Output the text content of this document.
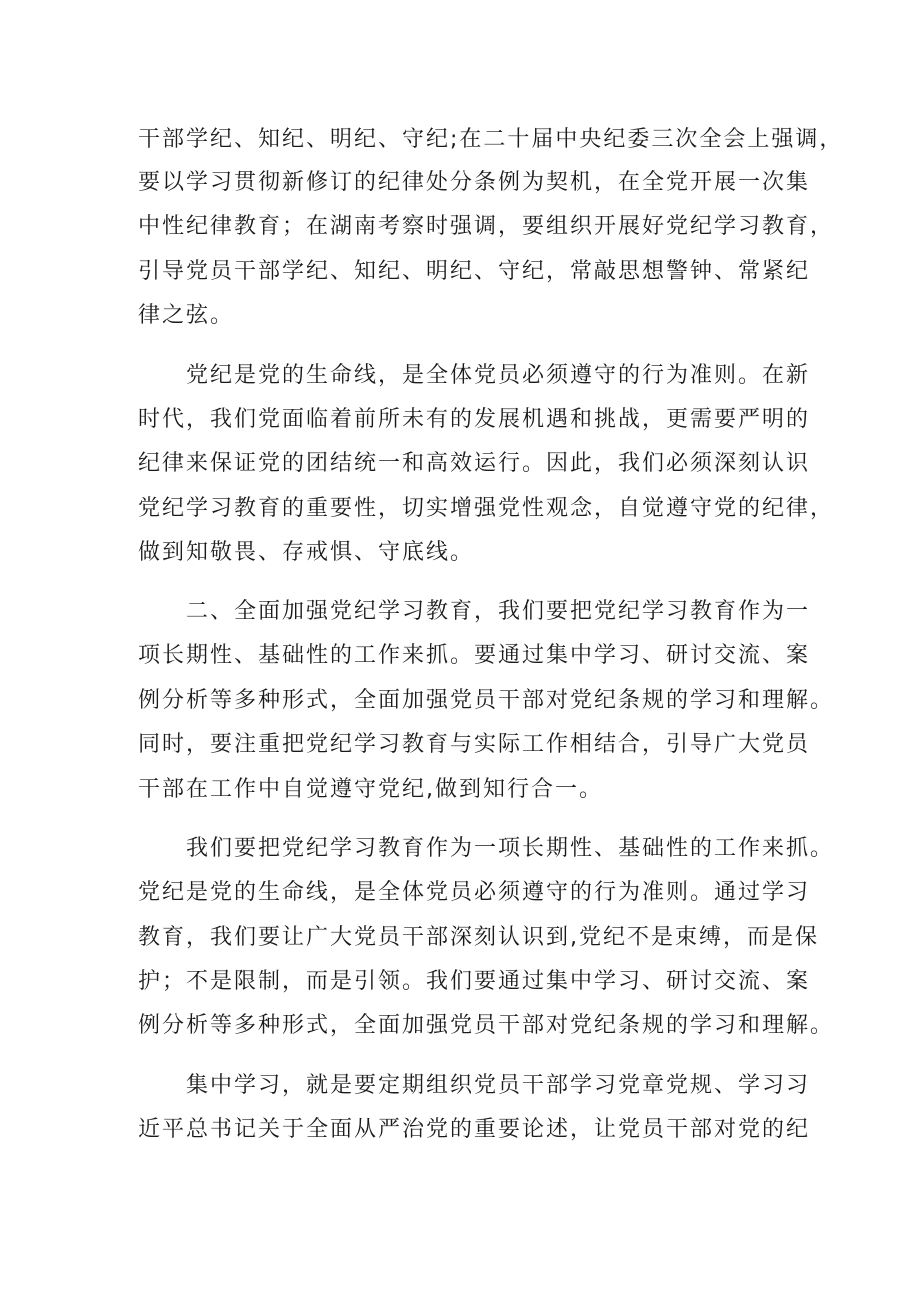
干部学纪、知纪、明纪、守纪;在二十届中央纪委三次全会上强调，
要以学习贯彻新修订的纪律处分条例为契机，在全党开展一次集
中性纪律教育；在湖南考察时强调，要组织开展好党纪学习教育，
引导党员干部学纪、知纪、明纪、守纪，常敲思想警钟、常紧纪
律之弦。
党纪是党的生命线，是全体党员必须遵守的行为准则。在新
时代，我们党面临着前所未有的发展机遇和挑战，更需要严明的
纪律来保证党的团结统一和高效运行。因此，我们必须深刻认识
党纪学习教育的重要性，切实增强党性观念，自觉遵守党的纪律，
做到知敬畏、存戒惧、守底线。
二、全面加强党纪学习教育，我们要把党纪学习教育作为一
项长期性、基础性的工作来抓。要通过集中学习、研讨交流、案
例分析等多种形式，全面加强党员干部对党纪条规的学习和理解。
同时，要注重把党纪学习教育与实际工作相结合，引导广大党员
干部在工作中自觉遵守党纪,做到知行合一。
我们要把党纪学习教育作为一项长期性、基础性的工作来抓。
党纪是党的生命线，是全体党员必须遵守的行为准则。通过学习
教育，我们要让广大党员干部深刻认识到,党纪不是束缚，而是保
护；不是限制，而是引领。我们要通过集中学习、研讨交流、案
例分析等多种形式，全面加强党员干部对党纪条规的学习和理解。
集中学习，就是要定期组织党员干部学习党章党规、学习习
近平总书记关于全面从严治党的重要论述，让党员干部对党的纪
